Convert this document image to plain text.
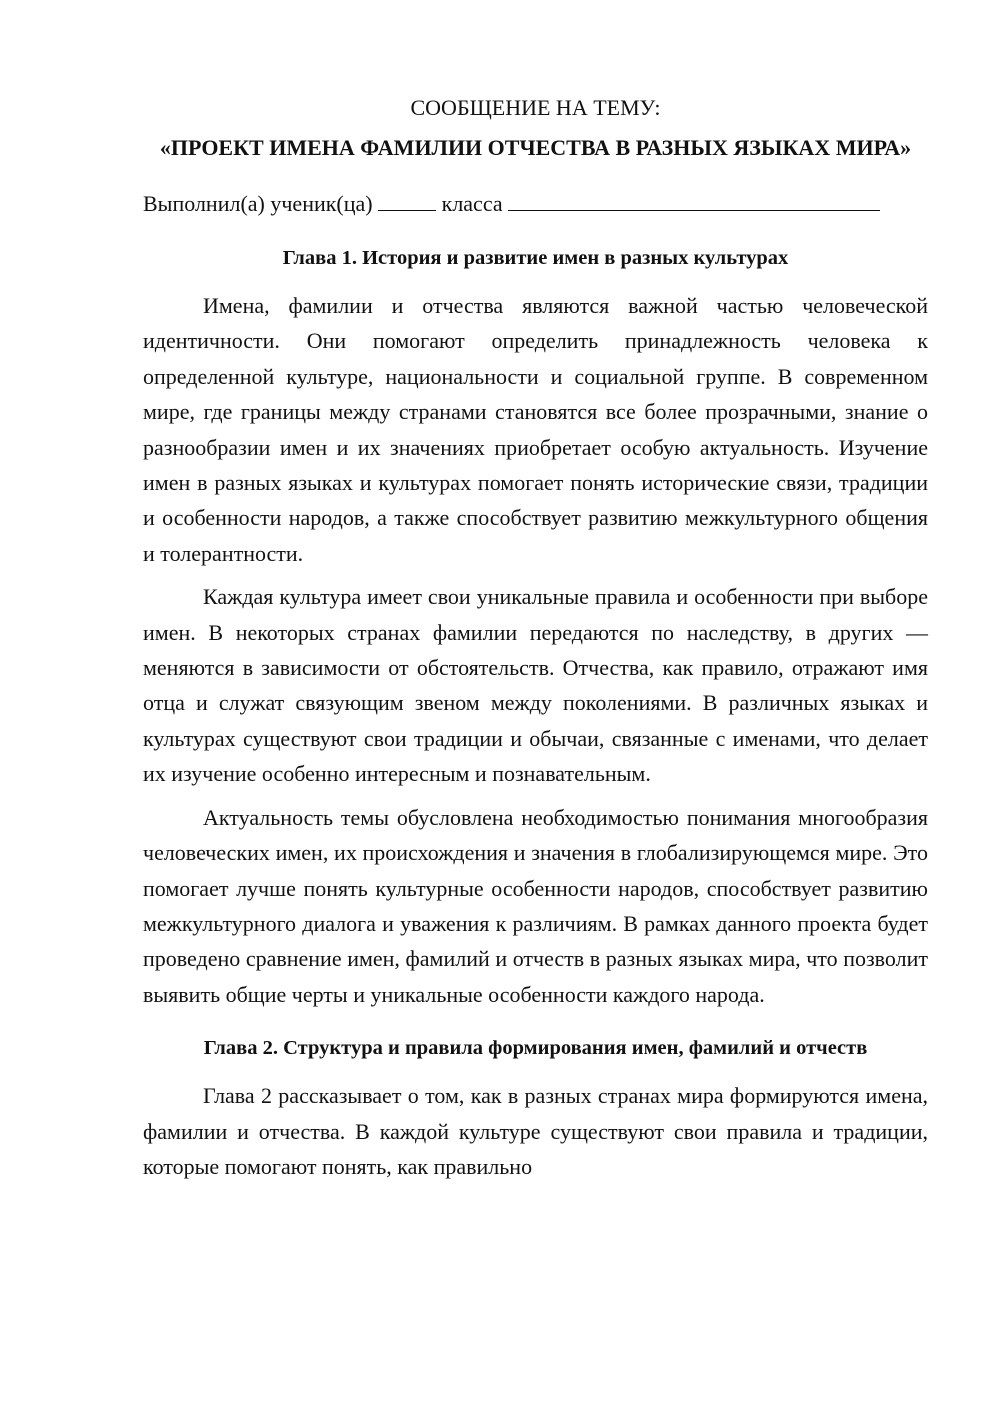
СООБЩЕНИЕ НА ТЕМУ:

«ПРОЕКТ ИМЕНА ФАМИЛИИ ОТЧЕСТВА В РАЗНЫХ ЯЗЫКАХ МИРА»

Выполнил(а) ученик(ца)	класса

Глава 1. История и развитие имен в разных культурах

Имена, фамилии и отчества являются важной частью человеческой идентичности. Они помогают определить принадлежность человека к определенной культуре, национальности и социальной группе. В современном мире, где границы между странами становятся все более прозрачными, знание о разнообразии имен и их значениях приобретает особую актуальность. Изучение имен в разных языках и культурах помогает понять исторические связи, традиции и особенности народов, а также способствует развитию межкультурного общения и толерантности.

Каждая культура имеет свои уникальные правила и особенности при выборе имен. В некоторых странах фамилии передаются по наследству, в других — меняются в зависимости от обстоятельств. Отчества, как правило, отражают имя отца и служат связующим звеном между поколениями. В различных языках и культурах существуют свои традиции и обычаи, связанные с именами, что делает их изучение особенно интересным и познавательным.

Актуальность темы обусловлена необходимостью понимания многообразия человеческих имен, их происхождения и значения в глобализирующемся мире. Это помогает лучше понять культурные особенности народов, способствует развитию межкультурного диалога и уважения к различиям. В рамках данного проекта будет проведено сравнение имен, фамилий и отчеств в разных языках мира, что позволит выявить общие черты и уникальные особенности каждого народа.

Глава 2. Структура и правила формирования имен, фамилий и отчеств

Глава 2 рассказывает о том, как в разных странах мира формируются имена, фамилии и отчества. В каждой культуре существуют свои правила и традиции, которые помогают понять, как правильно
